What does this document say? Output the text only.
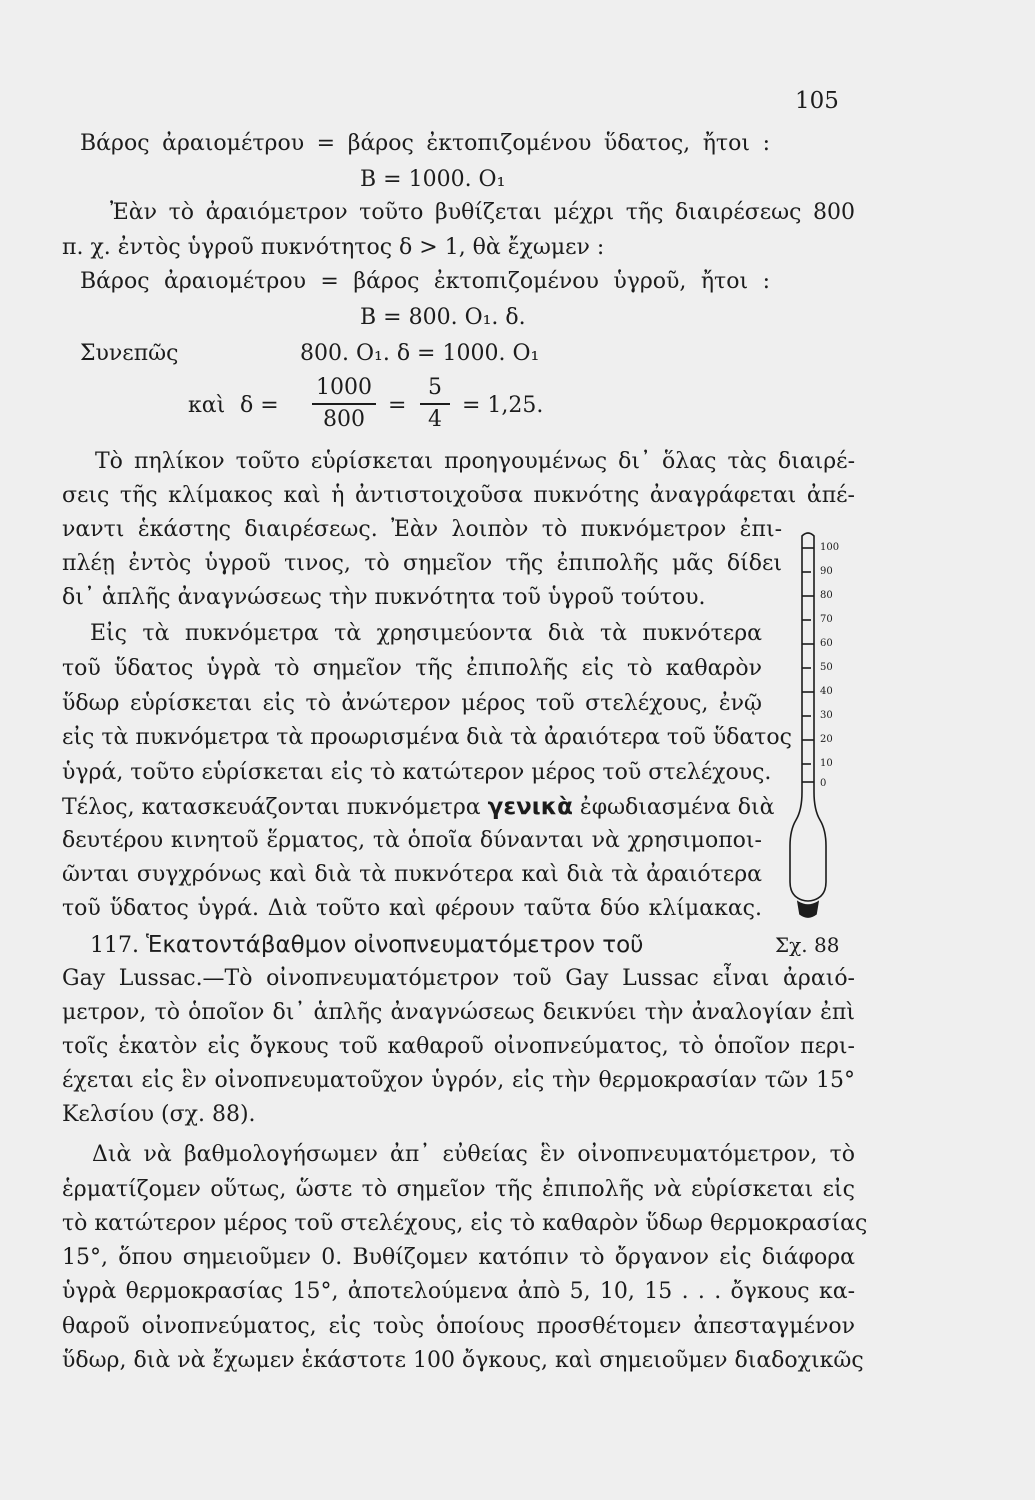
105
Βάρος ἀραιομέτρου = βάρος ἐκτοπιζομένου ὕδατος, ἤτοι :
Β = 1000. Ο₁
Ἐὰν τὸ ἀραιόμετρον τοῦτο βυθίζεται μέχρι τῆς διαιρέσεως 800
π. χ. ἐντὸς ὑγροῦ πυκνότητος δ > 1, θὰ ἔχωμεν :
Βάρος ἀραιομέτρου = βάρος ἐκτοπιζομένου ὑγροῦ, ἤτοι :
Β = 800. Ο₁. δ.
Συνεπῶς	800. Ο₁. δ = 1000. Ο₁
καὶ δ =
1000
800
=
5
4
= 1,25.
Τὸ πηλίκον τοῦτο εὑρίσκεται προηγουμένως δι᾽ ὅλας τὰς διαιρέ-
σεις τῆς κλίμακος καὶ ἡ ἀντιστοιχοῦσα πυκνότης ἀναγράφεται ἀπέ-
ναντι ἑκάστης διαιρέσεως. Ἐὰν λοιπὸν τὸ πυκνόμετρον ἐπι-
πλέῃ ἐντὸς ὑγροῦ τινος, τὸ σημεῖον τῆς ἐπιπολῆς μᾶς δίδει
δι᾽ ἁπλῆς ἀναγνώσεως τὴν πυκνότητα τοῦ ὑγροῦ τούτου.
Εἰς τὰ πυκνόμετρα τὰ χρησιμεύοντα διὰ τὰ πυκνότερα
τοῦ ὕδατος ὑγρὰ τὸ σημεῖον τῆς ἐπιπολῆς εἰς τὸ καθαρὸν
ὕδωρ εὑρίσκεται εἰς τὸ ἀνώτερον μέρος τοῦ στελέχους, ἐνῷ
εἰς τὰ πυκνόμετρα τὰ προωρισμένα διὰ τὰ ἀραιότερα τοῦ ὕδατος
ὑγρά, τοῦτο εὑρίσκεται εἰς τὸ κατώτερον μέρος τοῦ στελέχους.
Τέλος, κατασκευάζονται πυκνόμετρα γενικὰ ἐφωδιασμένα διὰ
δευτέρου κινητοῦ ἕρματος, τὰ ὁποῖα δύνανται νὰ χρησιμοποι-
ῶνται συγχρόνως καὶ διὰ τὰ πυκνότερα καὶ διὰ τὰ ἀραιότερα
τοῦ ὕδατος ὑγρά. Διὰ τοῦτο καὶ φέρουν ταῦτα δύο κλίμακας.
117. Ἑκατοντάβαθμον οἰνοπνευματόμετρον τοῦ	Σχ. 88
Gay Lussac.—Τὸ οἰνοπνευματόμετρον τοῦ Gay Lussac εἶναι ἀραιό-
μετρον, τὸ ὁποῖον δι᾽ ἁπλῆς ἀναγνώσεως δεικνύει τὴν ἀναλογίαν ἐπὶ
τοῖς ἑκατὸν εἰς ὄγκους τοῦ καθαροῦ οἰνοπνεύματος, τὸ ὁποῖον περι-
έχεται εἰς ἓν οἰνοπνευματοῦχον ὑγρόν, εἰς τὴν θερμοκρασίαν τῶν 15°
Κελσίου (σχ. 88).
Διὰ νὰ βαθμολογήσωμεν ἀπ᾽ εὐθείας ἓν οἰνοπνευματόμετρον, τὸ
ἑρματίζομεν οὕτως, ὥστε τὸ σημεῖον τῆς ἐπιπολῆς νὰ εὑρίσκεται εἰς
τὸ κατώτερον μέρος τοῦ στελέχους, εἰς τὸ καθαρὸν ὕδωρ θερμοκρασίας
15°, ὅπου σημειοῦμεν 0. Βυθίζομεν κατόπιν τὸ ὄργανον εἰς διάφορα
ὑγρὰ θερμοκρασίας 15°, ἀποτελούμενα ἀπὸ 5, 10, 15 . . . ὄγκους κα-
θαροῦ οἰνοπνεύματος, εἰς τοὺς ὁποίους προσθέτομεν ἀπεσταγμένον
ὕδωρ, διὰ νὰ ἔχωμεν ἑκάστοτε 100 ὄγκους, καὶ σημειοῦμεν διαδοχικῶς
100
90
80
70
60
50
40
30
20
10
0
